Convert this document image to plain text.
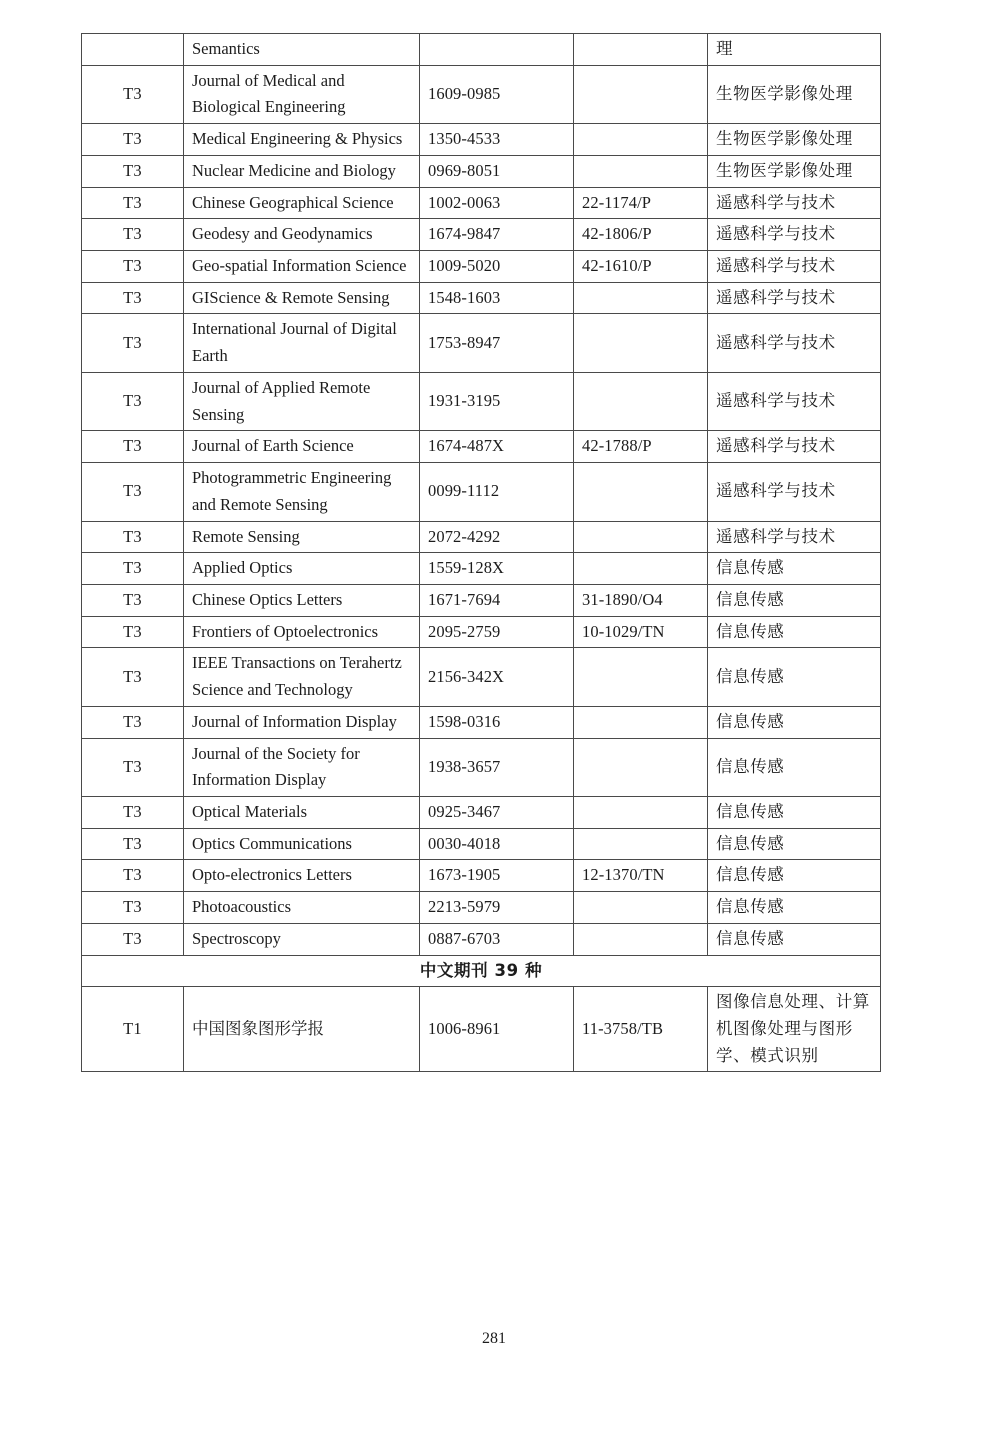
	Semantics			理
T3	Journal of Medical and Biological Engineering	1609-0985		生物医学影像处理
T3	Medical Engineering & Physics	1350-4533		生物医学影像处理
T3	Nuclear Medicine and Biology	0969-8051		生物医学影像处理
T3	Chinese Geographical Science	1002-0063	22-1174/P	遥感科学与技术
T3	Geodesy and Geodynamics	1674-9847	42-1806/P	遥感科学与技术
T3	Geo-spatial Information Science	1009-5020	42-1610/P	遥感科学与技术
T3	GIScience & Remote Sensing	1548-1603		遥感科学与技术
T3	International Journal of Digital Earth	1753-8947		遥感科学与技术
T3	Journal of Applied Remote Sensing	1931-3195		遥感科学与技术
T3	Journal of Earth Science	1674-487X	42-1788/P	遥感科学与技术
T3	Photogrammetric Engineering and Remote Sensing	0099-1112		遥感科学与技术
T3	Remote Sensing	2072-4292		遥感科学与技术
T3	Applied Optics	1559-128X		信息传感
T3	Chinese Optics Letters	1671-7694	31-1890/O4	信息传感
T3	Frontiers of Optoelectronics	2095-2759	10-1029/TN	信息传感
T3	IEEE Transactions on Terahertz Science and Technology	2156-342X		信息传感
T3	Journal of Information Display	1598-0316		信息传感
T3	Journal of the Society for Information Display	1938-3657		信息传感
T3	Optical Materials	0925-3467		信息传感
T3	Optics Communications	0030-4018		信息传感
T3	Opto-electronics Letters	1673-1905	12-1370/TN	信息传感
T3	Photoacoustics	2213-5979		信息传感
T3	Spectroscopy	0887-6703		信息传感
中文期刊 39 种				
T1	中国图象图形学报	1006-8961	11-3758/TB	图像信息处理、计算机图像处理与图形学、模式识别
281
